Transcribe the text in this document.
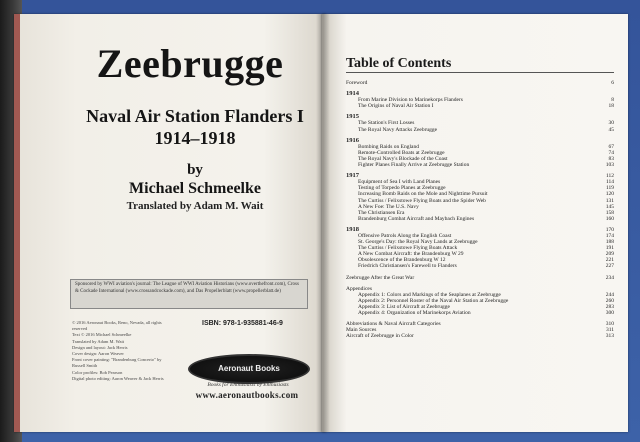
Zeebrugge
Naval Air Station Flanders I
1914–1918
by
Michael Schmeelke
Translated by Adam M. Wait
Sponsored by WWI aviation's journal: The League of WWI Aviation Historians (www.overthefront.com), Cross
& Cockade International (www.crossandcockade.com), and Das Propellerblatt (www.propellerblatt.de)
© 2016 Aeronaut Books, Reno, Nevada, all rights
reserved
Text © 2016 Michael Schmeelke
Translated by Adam M. Wait
Design and layout: Jack Herris
Cover design: Aaron Weaver
Front cover painting: "Brandenburg Concerto" by
Russell Smith
Color profiles: Bob Pearson
Digital photo editing: Aaron Weaver & Jack Herris
ISBN: 978-1-935881-46-9
Aeronaut Books
Books for Enthusiasts by Enthusiasts
www.aeronautbooks.com
Table of Contents
Foreword	6
1914
From Marine Division to Marinekorps Flanders	8
The Origins of Naval Air Station I	18
1915
The Station's First Losses	30
The Royal Navy Attacks Zeebrugge	45
1916
Bombing Raids on England	67
Remote-Controlled Boats at Zeebrugge	74
The Royal Navy's Blockade of the Coast	83
Fighter Planes Finally Arrive at Zeebrugge Station	103
1917	112
Equipment of Sea I with Land Planes	114
Testing of Torpedo Planes at Zeebrugge	119
Increasing Bomb Raids on the Mole and Nighttime Pursuit	120
The Curtiss / Felixstowe Flying Boats and the Spider Web	131
A New Foe: The U.S. Navy	145
The Christiansen Era	158
Brandenburg Combat Aircraft and Maybach Engines	160
1918	170
Offensive Patrols Along the English Coast	174
St. George's Day: the Royal Navy Lands at Zeebrugge	188
The Curtiss / Felixstowe Flying Boats Attack	191
A New Combat Aircraft: the Brandenburg W 29	209
Obsolescence of the Brandenburg W 12	221
Friedrich Christiansen's Farewell to Flanders	227
Zeebrugge After the Great War	234
Appendices
Appendix 1: Colors and Markings of the Seaplanes at Zeebrugge	244
Appendix 2: Personnel Roster of the Naval Air Station at Zeebrugge	260
Appendix 3: List of Aircraft at Zeebrugge	283
Appendix 4: Organization of Marinekorps Aviation	300
Abbreviations & Naval Aircraft Categories	310
Main Sources	311
Aircraft of Zeebrugge in Color	313
